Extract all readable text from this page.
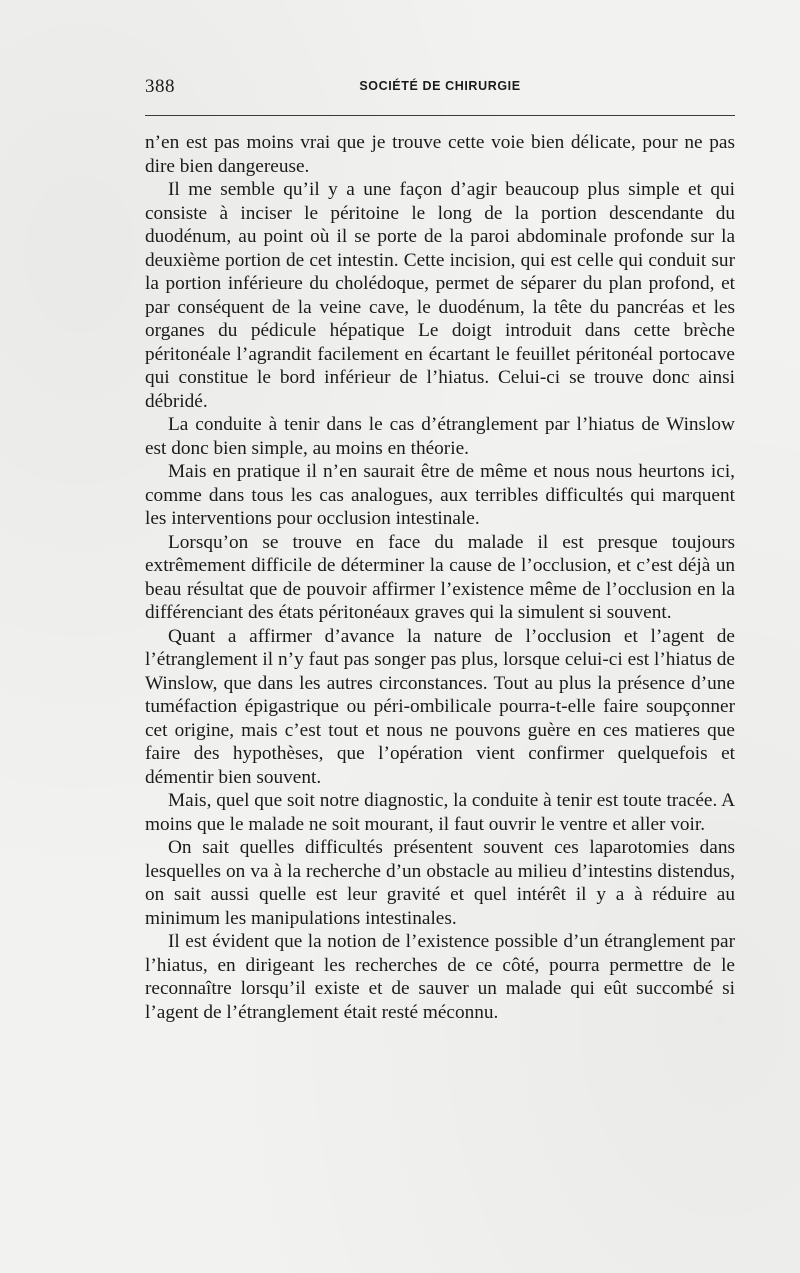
388	SOCIÉTÉ DE CHIRURGIE

n’en est pas moins vrai que je trouve cette voie bien délicate, pour ne pas dire bien dangereuse.

Il me semble qu’il y a une façon d’agir beaucoup plus simple et qui consiste à inciser le péritoine le long de la portion descendante du duodénum, au point où il se porte de la paroi abdominale profonde sur la deuxième portion de cet intestin. Cette incision, qui est celle qui conduit sur la portion inférieure du cholédoque, permet de séparer du plan profond, et par conséquent de la veine cave, le duodénum, la tête du pancréas et les organes du pédicule hépatique Le doigt introduit dans cette brèche péritonéale l’agrandit facilement en écartant le feuillet péritonéal portocave qui constitue le bord inférieur de l’hiatus. Celui-ci se trouve donc ainsi débridé.

La conduite à tenir dans le cas d’étranglement par l’hiatus de Winslow est donc bien simple, au moins en théorie.

Mais en pratique il n’en saurait être de même et nous nous heurtons ici, comme dans tous les cas analogues, aux terribles difficultés qui marquent les interventions pour occlusion intestinale.

Lorsqu’on se trouve en face du malade il est presque toujours extrêmement difficile de déterminer la cause de l’occlusion, et c’est déjà un beau résultat que de pouvoir affirmer l’existence même de l’occlusion en la différenciant des états péritonéaux graves qui la simulent si souvent.

Quant a affirmer d’avance la nature de l’occlusion et l’agent de l’étranglement il n’y faut pas songer pas plus, lorsque celui-ci est l’hiatus de Winslow, que dans les autres circonstances. Tout au plus la présence d’une tuméfaction épigastrique ou péri-ombilicale pourra-t-elle faire soupçonner cet origine, mais c’est tout et nous ne pouvons guère en ces matieres que faire des hypothèses, que l’opération vient confirmer quelquefois et démentir bien souvent.

Mais, quel que soit notre diagnostic, la conduite à tenir est toute tracée. A moins que le malade ne soit mourant, il faut ouvrir le ventre et aller voir.

On sait quelles difficultés présentent souvent ces laparotomies dans lesquelles on va à la recherche d’un obstacle au milieu d’intestins distendus, on sait aussi quelle est leur gravité et quel intérêt il y a à réduire au minimum les manipulations intestinales.

Il est évident que la notion de l’existence possible d’un étranglement par l’hiatus, en dirigeant les recherches de ce côté, pourra permettre de le reconnaître lorsqu’il existe et de sauver un malade qui eût succombé si l’agent de l’étranglement était resté méconnu.
